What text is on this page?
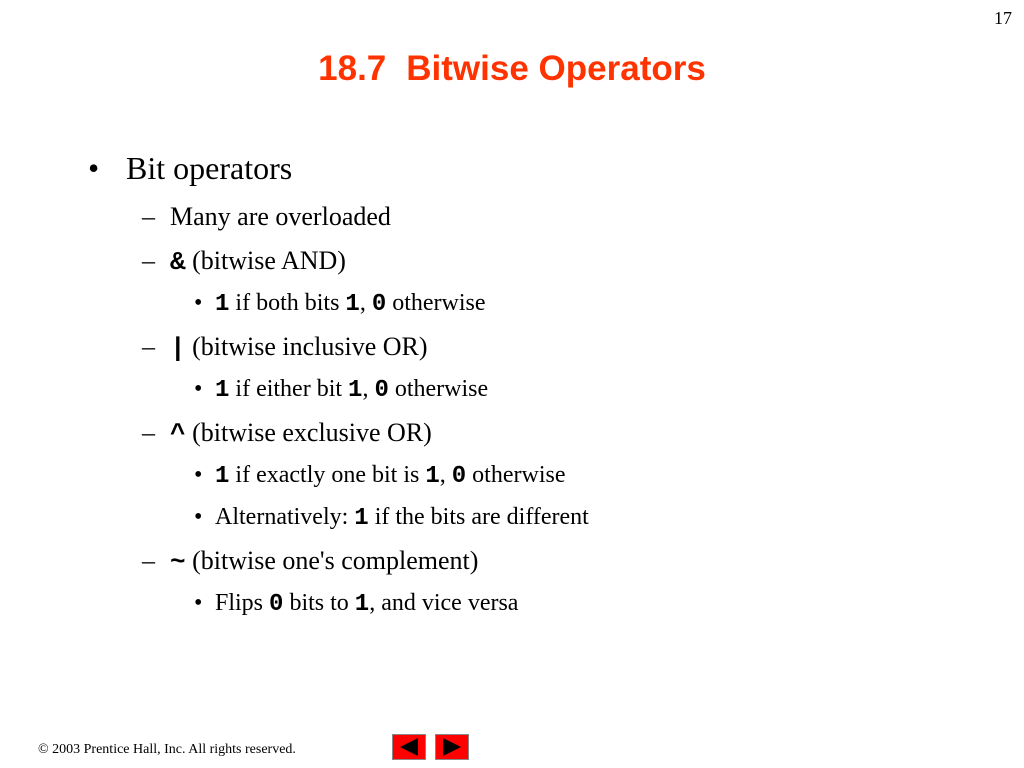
17
18.7 Bitwise Operators
• Bit operators
– Many are overloaded
– & (bitwise AND)
• 1 if both bits 1, 0 otherwise
– | (bitwise inclusive OR)
• 1 if either bit 1, 0 otherwise
– ^ (bitwise exclusive OR)
• 1 if exactly one bit is 1, 0 otherwise
• Alternatively: 1 if the bits are different
– ~ (bitwise one's complement)
• Flips 0 bits to 1, and vice versa
© 2003 Prentice Hall, Inc. All rights reserved.
